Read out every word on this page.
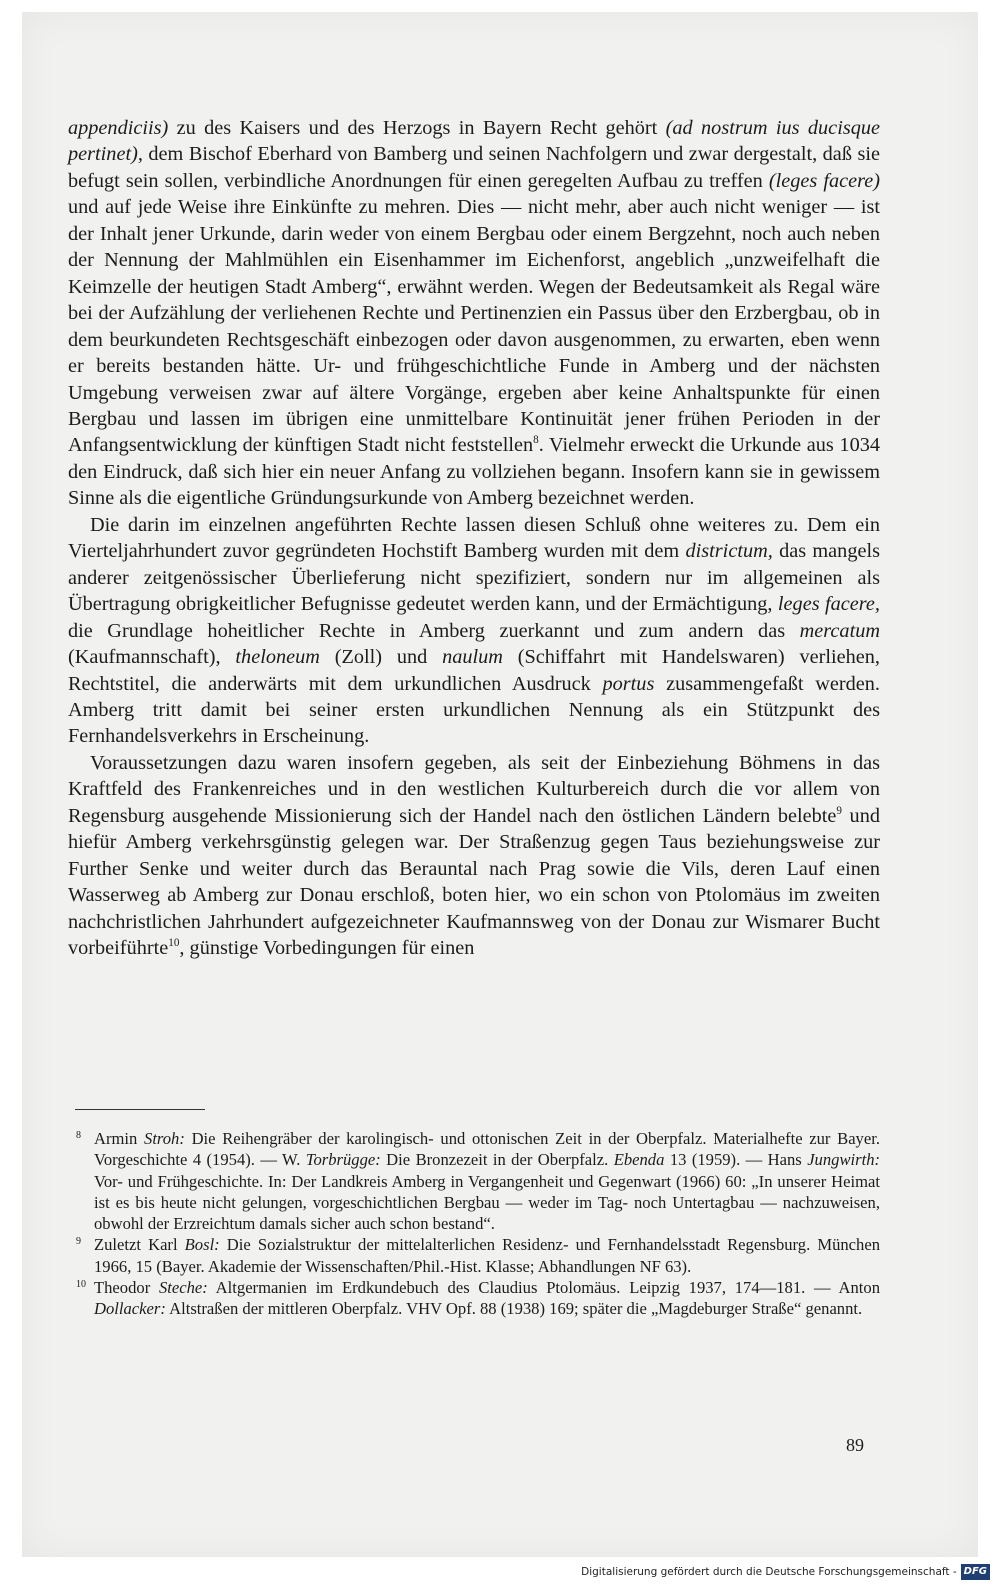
appendiciis) zu des Kaisers und des Herzogs in Bayern Recht gehört (ad nostrum ius ducisque pertinet), dem Bischof Eberhard von Bamberg und seinen Nachfolgern und zwar dergestalt, daß sie befugt sein sollen, verbindliche Anordnungen für einen geregelten Aufbau zu treffen (leges facere) und auf jede Weise ihre Einkünfte zu mehren. Dies — nicht mehr, aber auch nicht weniger — ist der Inhalt jener Urkunde, darin weder von einem Bergbau oder einem Bergzehnt, noch auch neben der Nennung der Mahlmühlen ein Eisenhammer im Eichenforst, angeblich „unzweifelhaft die Keimzelle der heutigen Stadt Amberg“, erwähnt werden. Wegen der Bedeutsamkeit als Regal wäre bei der Aufzählung der verliehenen Rechte und Pertinenzien ein Passus über den Erzbergbau, ob in dem beurkundeten Rechtsgeschäft einbezogen oder davon ausgenommen, zu erwarten, eben wenn er bereits bestanden hätte. Ur- und frühgeschichtliche Funde in Amberg und der nächsten Umgebung verweisen zwar auf ältere Vorgänge, ergeben aber keine Anhaltspunkte für einen Bergbau und lassen im übrigen eine unmittelbare Kontinuität jener frühen Perioden in der Anfangsentwicklung der künftigen Stadt nicht feststellen$^8$. Vielmehr erweckt die Urkunde aus 1034 den Eindruck, daß sich hier ein neuer Anfang zu vollziehen begann. Insofern kann sie in gewissem Sinne als die eigentliche Gründungsurkunde von Amberg bezeichnet werden.

Die darin im einzelnen angeführten Rechte lassen diesen Schluß ohne weiteres zu. Dem ein Vierteljahrhundert zuvor gegründeten Hochstift Bamberg wurden mit dem districtum, das mangels anderer zeitgenössischer Überlieferung nicht spezifiziert, sondern nur im allgemeinen als Übertragung obrigkeitlicher Befugnisse gedeutet werden kann, und der Ermächtigung, leges facere, die Grundlage hoheitlicher Rechte in Amberg zuerkannt und zum andern das mercatum (Kaufmannschaft), theloneum (Zoll) und naulum (Schiffahrt mit Handelswaren) verliehen, Rechtstitel, die anderwärts mit dem urkundlichen Ausdruck portus zusammengefaßt werden. Amberg tritt damit bei seiner ersten urkundlichen Nennung als ein Stützpunkt des Fernhandelsverkehrs in Erscheinung.

Voraussetzungen dazu waren insofern gegeben, als seit der Einbeziehung Böhmens in das Kraftfeld des Frankenreiches und in den westlichen Kulturbereich durch die vor allem von Regensburg ausgehende Missionierung sich der Handel nach den östlichen Ländern belebte$^9$ und hiefür Amberg verkehrsgünstig gelegen war. Der Straßenzug gegen Taus beziehungsweise zur Further Senke und weiter durch das Berauntal nach Prag sowie die Vils, deren Lauf einen Wasserweg ab Amberg zur Donau erschloß, boten hier, wo ein schon von Ptolomäus im zweiten nachchristlichen Jahrhundert aufgezeichneter Kaufmannsweg von der Donau zur Wismarer Bucht vorbeiführte$^{10}$, günstige Vorbedingungen für einen

8 Armin Stroh: Die Reihengräber der karolingisch- und ottonischen Zeit in der Oberpfalz. Materialhefte zur Bayer. Vorgeschichte 4 (1954). — W. Torbrügge: Die Bronzezeit in der Oberpfalz. Ebenda 13 (1959). — Hans Jungwirth: Vor- und Frühgeschichte. In: Der Landkreis Amberg in Vergangenheit und Gegenwart (1966) 60: „In unserer Heimat ist es bis heute nicht gelungen, vorgeschichtlichen Bergbau — weder im Tag- noch Untertagbau — nachzuweisen, obwohl der Erzreichtum damals sicher auch schon bestand“.
9 Zuletzt Karl Bosl: Die Sozialstruktur der mittelalterlichen Residenz- und Fernhandelsstadt Regensburg. München 1966, 15 (Bayer. Akademie der Wissenschaften/Phil.-Hist. Klasse; Abhandlungen NF 63).
10 Theodor Steche: Altgermanien im Erdkundebuch des Claudius Ptolomäus. Leipzig 1937, 174—181. — Anton Dollacker: Altstraßen der mittleren Oberpfalz. VHV Opf. 88 (1938) 169; später die „Magdeburger Straße“ genannt.
89
Digitalisierung gefördert durch die Deutsche Forschungsgemeinschaft - DFG
